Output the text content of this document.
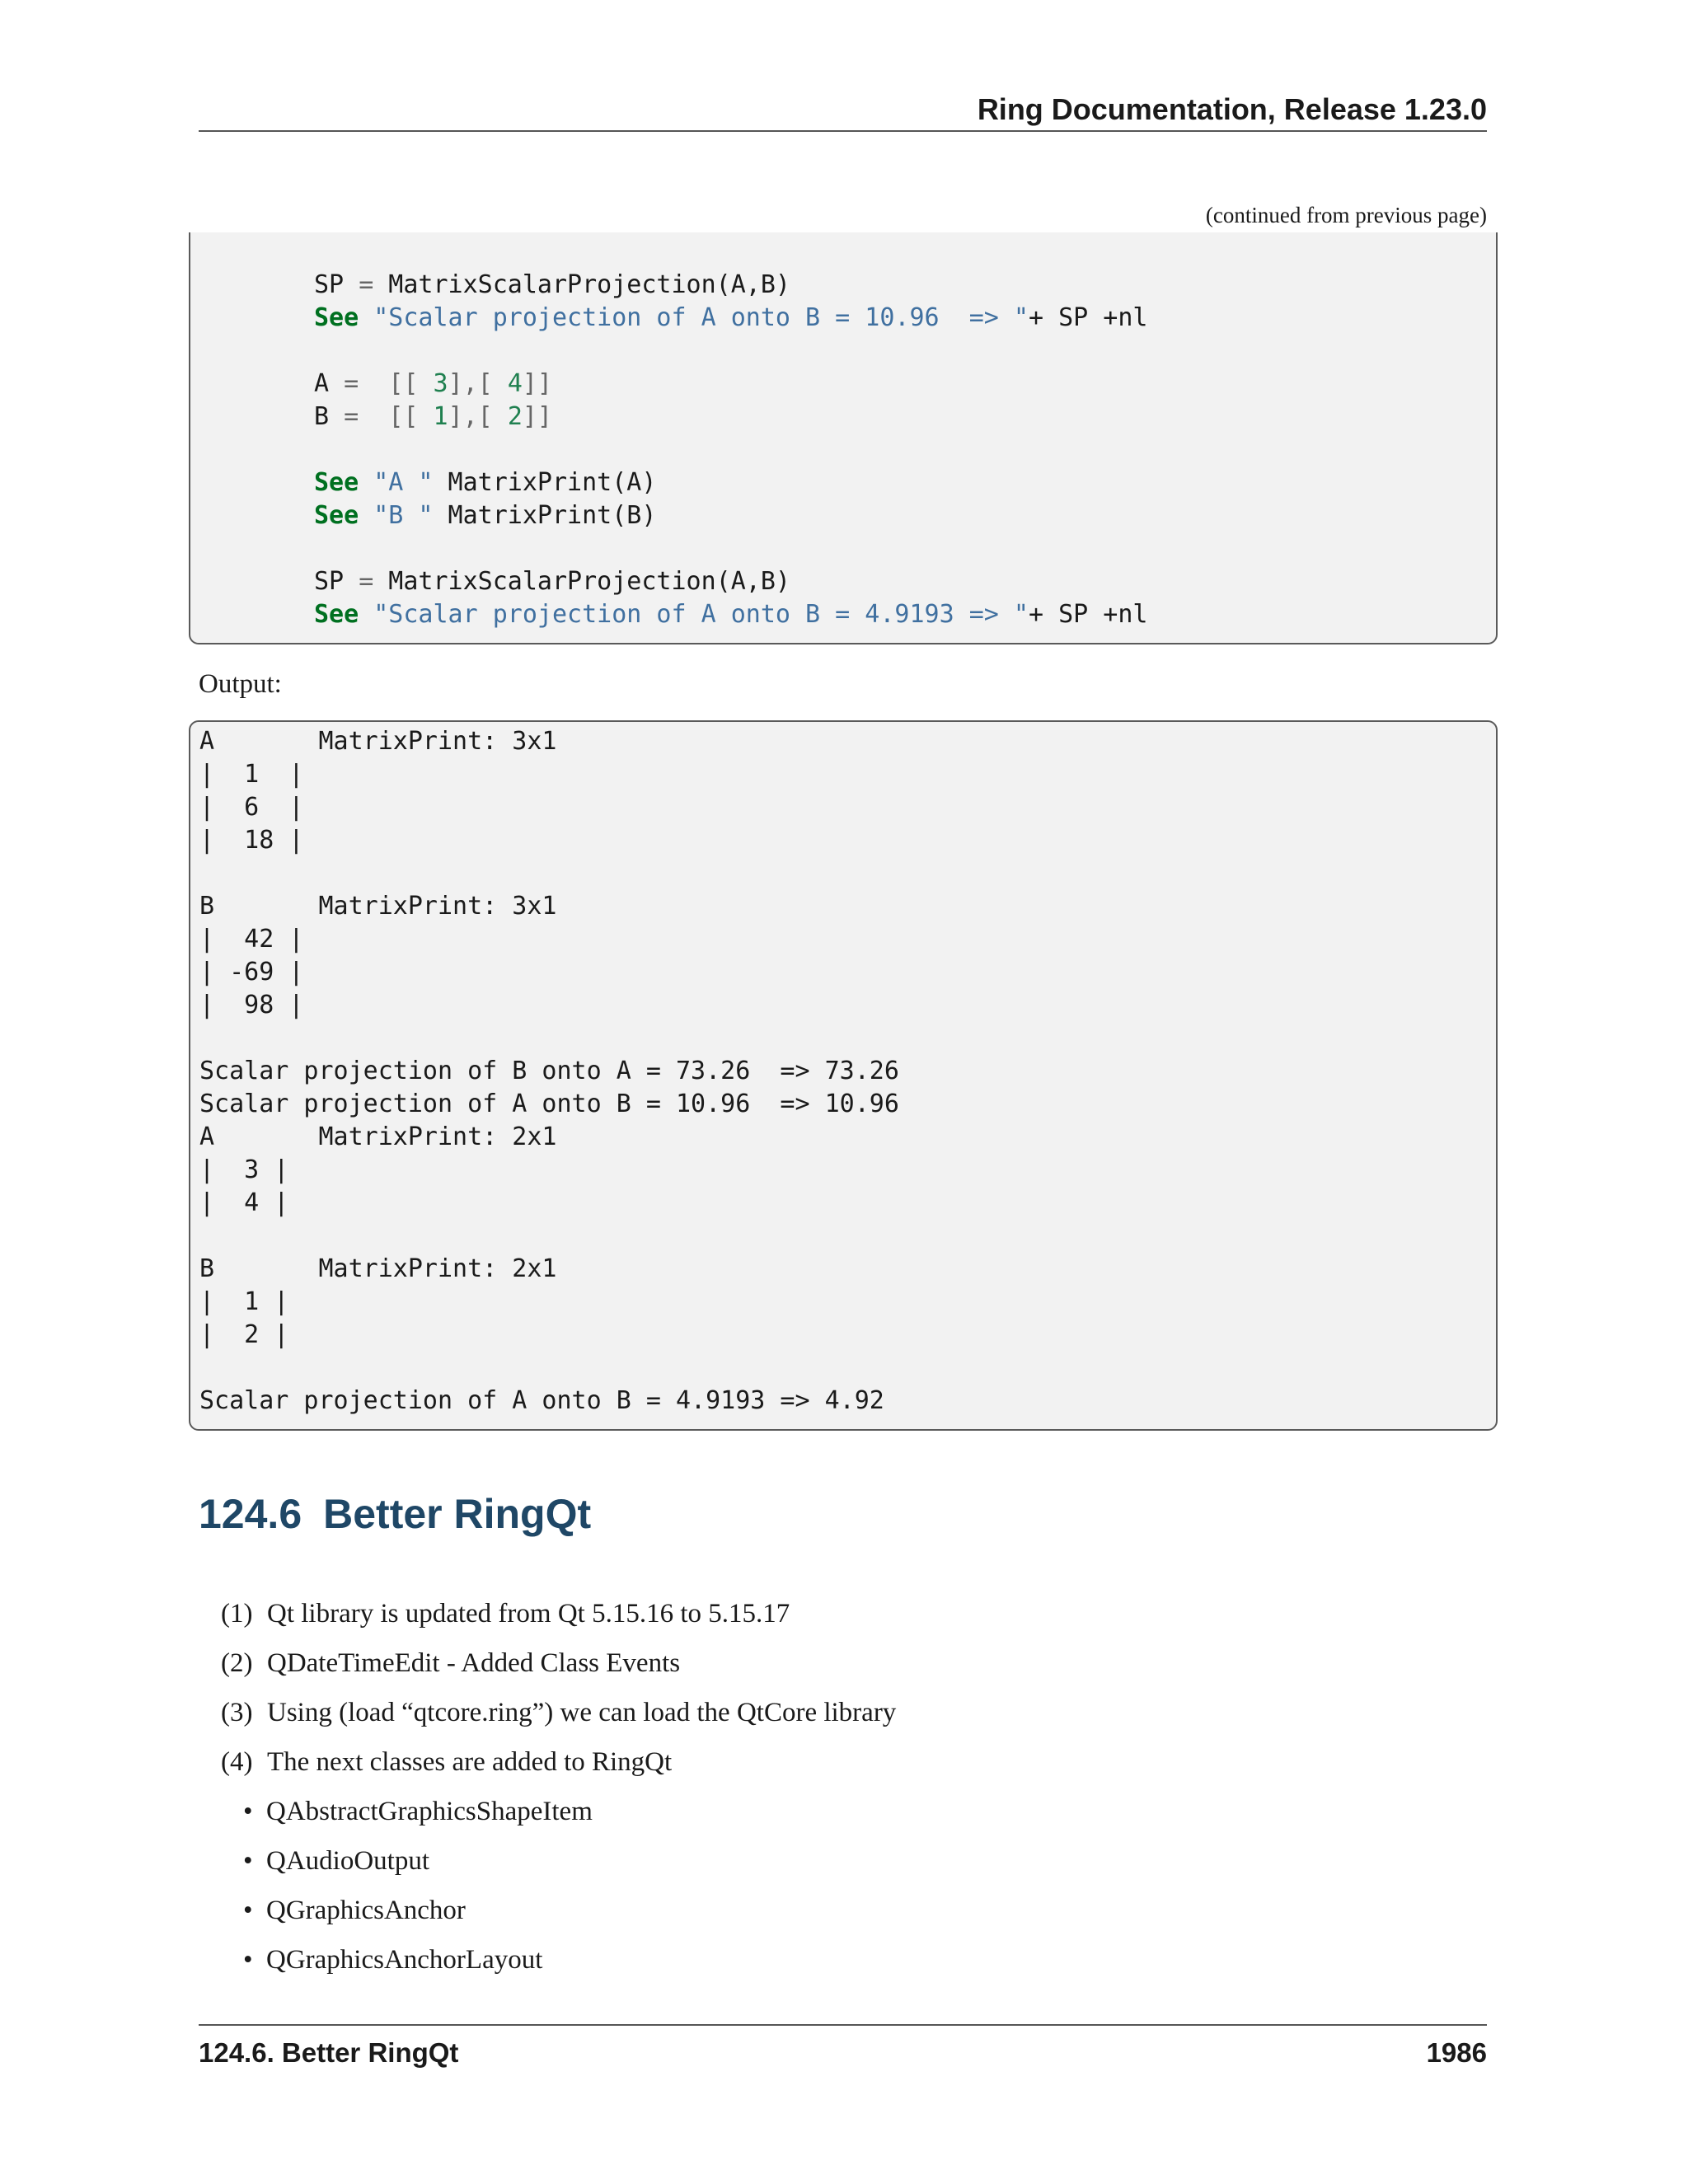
Ring Documentation, Release 1.23.0
(continued from previous page)
SP = MatrixScalarProjection(A,B)
See "Scalar projection of A onto B = 10.96  => "+ SP +nl

A = [[ 3],[ 4]]
B = [[ 1],[ 2]]

See "A " MatrixPrint(A)
See "B " MatrixPrint(B)

SP = MatrixScalarProjection(A,B)
See "Scalar projection of A onto B = 4.9193 => "+ SP +nl

Output:
A       MatrixPrint: 3x1
|  1  |
|  6  |
|  18 |

B       MatrixPrint: 3x1
|  42 |
| -69 |
|  98 |

Scalar projection of B onto A = 73.26  => 73.26
Scalar projection of A onto B = 10.96  => 10.96
A       MatrixPrint: 2x1
|  3 |
|  4 |

B       MatrixPrint: 2x1
|  1 |
|  2 |

Scalar projection of A onto B = 4.9193 => 4.92

124.6 Better RingQt
(1) Qt library is updated from Qt 5.15.16 to 5.15.17
(2) QDateTimeEdit - Added Class Events
(3) Using (load “qtcore.ring”) we can load the QtCore library
(4) The next classes are added to RingQt
• QAbstractGraphicsShapeItem
• QAudioOutput
• QGraphicsAnchor
• QGraphicsAnchorLayout
124.6. Better RingQt	1986
